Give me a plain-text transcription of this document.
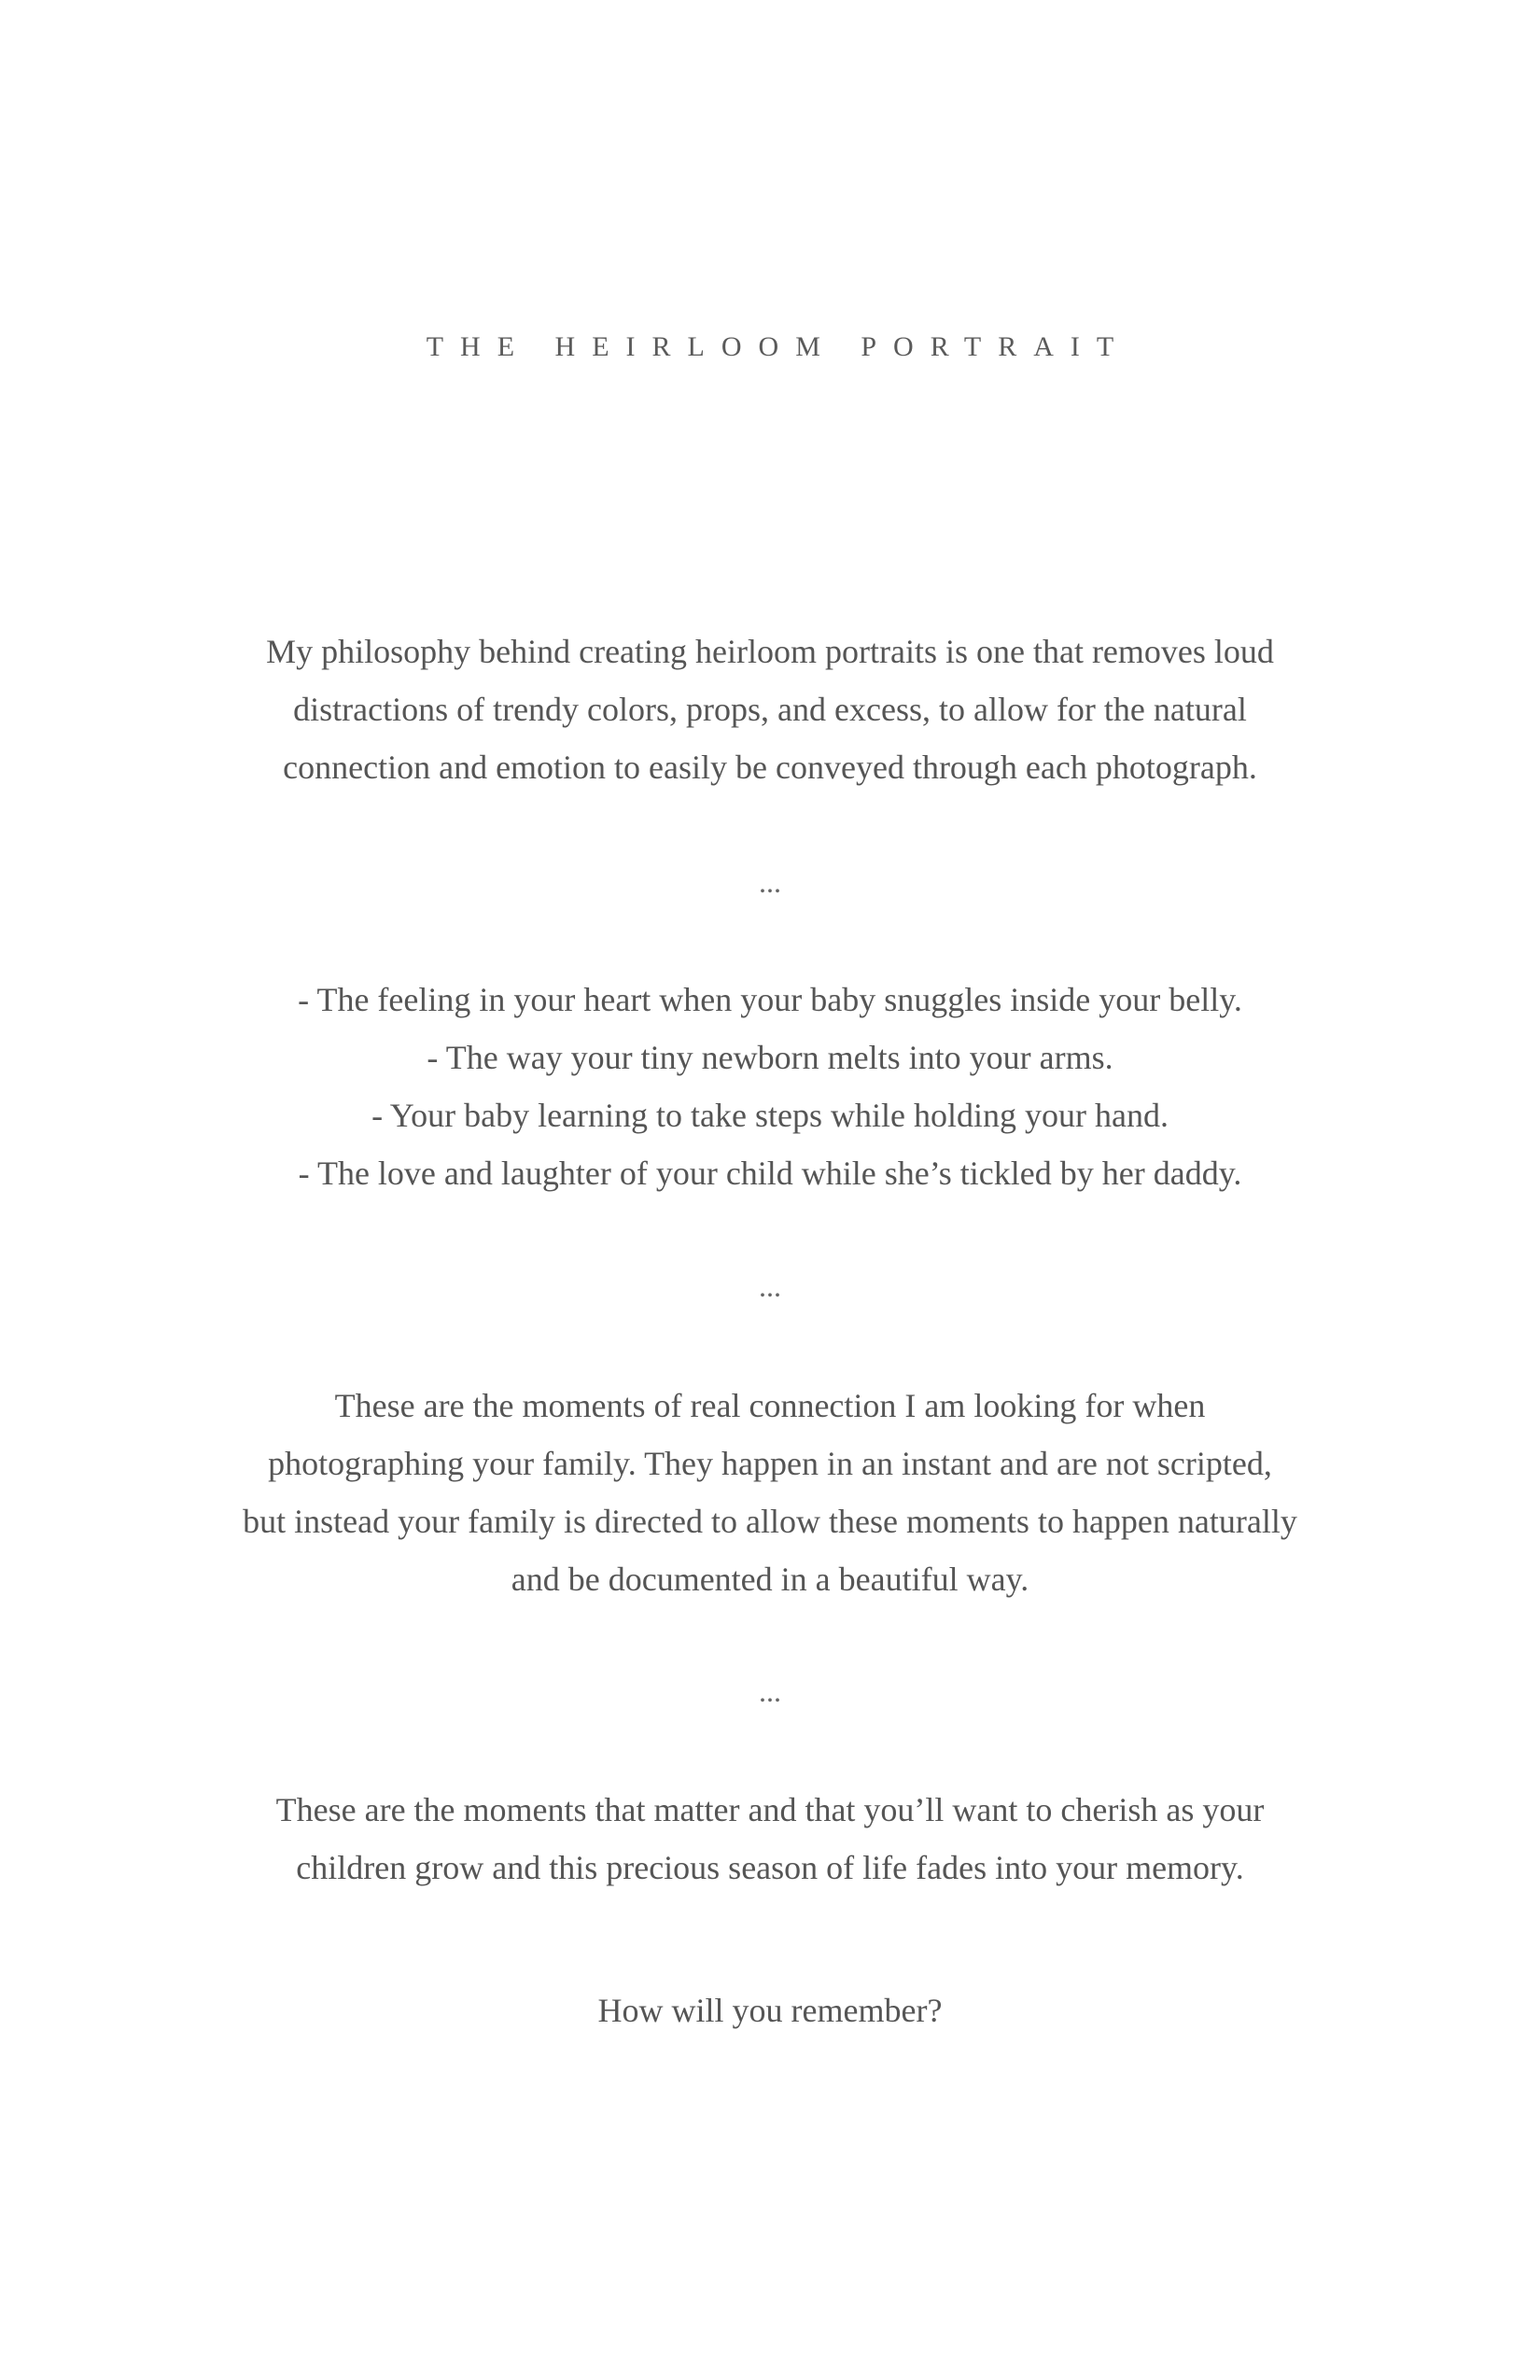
THE HEIRLOOM PORTRAIT

My philosophy behind creating heirloom portraits is one that removes loud

distractions of trendy colors, props, and excess, to allow for the natural

connection and emotion to easily be conveyed through each photograph.

...

- The feeling in your heart when your baby snuggles inside your belly.

- The way your tiny newborn melts into your arms.

- Your baby learning to take steps while holding your hand.

- The love and laughter of your child while she’s tickled by her daddy.

...

These are the moments of real connection I am looking for when

photographing your family. They happen in an instant and are not scripted,

but instead your family is directed to allow these moments to happen naturally

and be documented in a beautiful way.

...

These are the moments that matter and that you’ll want to cherish as your

children grow and this precious season of life fades into your memory.

How will you remember?
